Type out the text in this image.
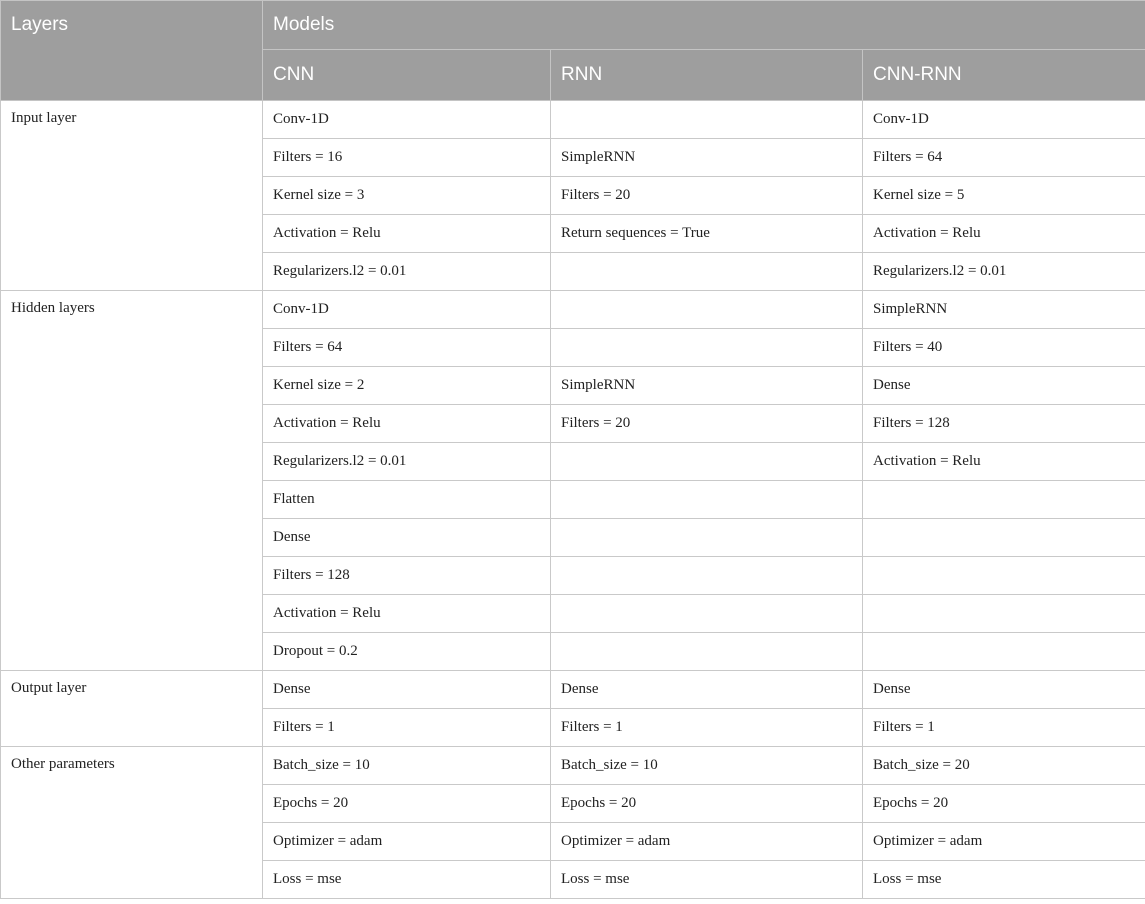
Layers	Models		
	CNN	RNN	CNN-RNN
Input layer	Conv-1D		Conv-1D
	Filters = 16	SimpleRNN	Filters = 64
	Kernel size = 3	Filters = 20	Kernel size = 5
	Activation = Relu	Return sequences = True	Activation = Relu
	Regularizers.l2 = 0.01		Regularizers.l2 = 0.01
Hidden layers	Conv-1D		SimpleRNN
	Filters = 64		Filters = 40
	Kernel size = 2	SimpleRNN	Dense
	Activation = Relu	Filters = 20	Filters = 128
	Regularizers.l2 = 0.01		Activation = Relu
	Flatten		
	Dense		
	Filters = 128		
	Activation = Relu		
	Dropout = 0.2		
Output layer	Dense	Dense	Dense
	Filters = 1	Filters = 1	Filters = 1
Other parameters	Batch_size = 10	Batch_size = 10	Batch_size = 20
	Epochs = 20	Epochs = 20	Epochs = 20
	Optimizer = adam	Optimizer = adam	Optimizer = adam
	Loss = mse	Loss = mse	Loss = mse
